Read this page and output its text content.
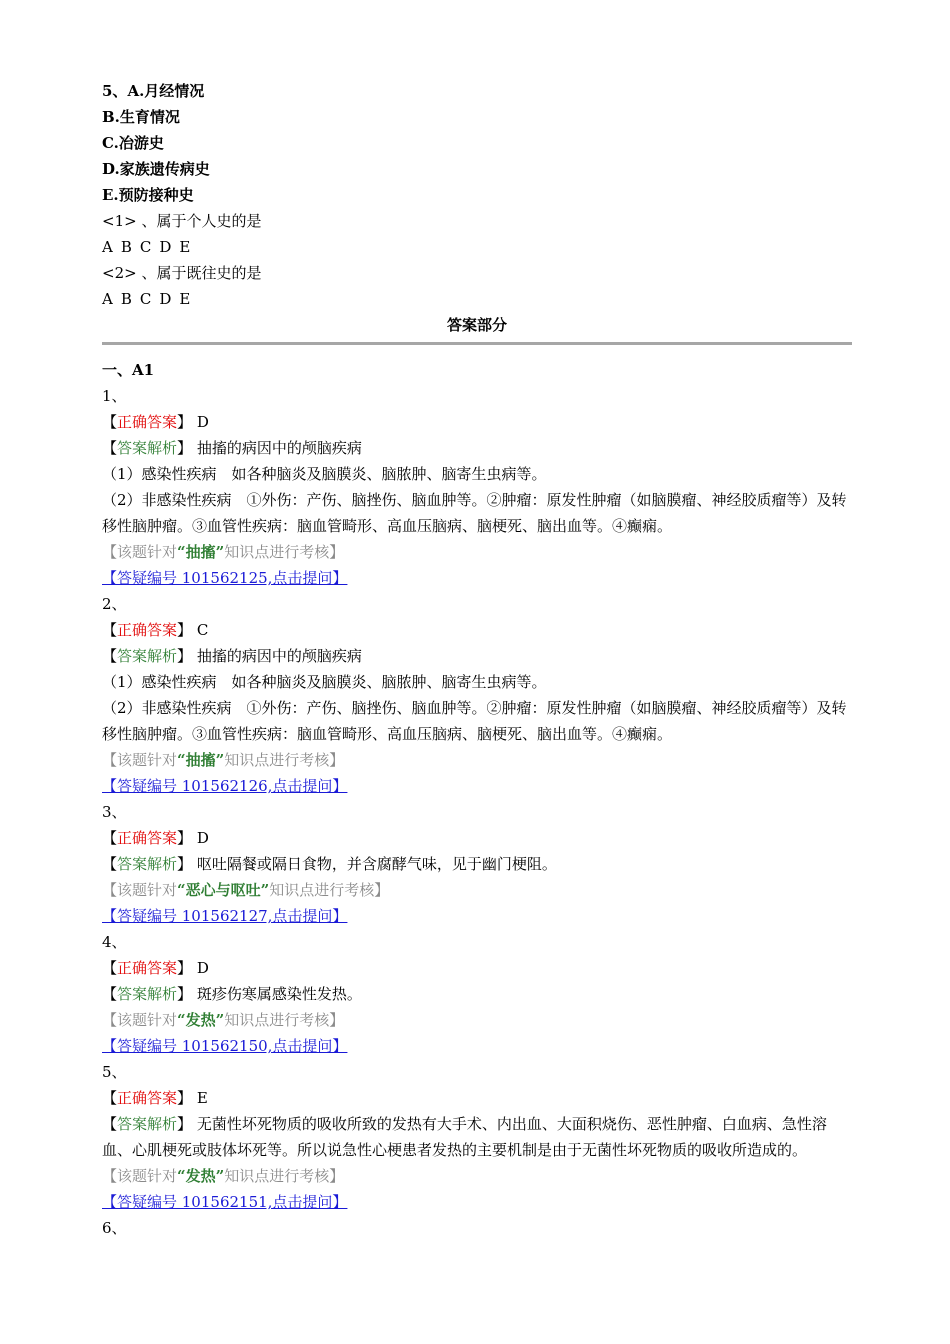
5、A.月经情况
B.生育情况
C.冶游史
D.家族遗传病史
E.预防接种史
<1> 、属于个人史的是
A B C D E
<2> 、属于既往史的是
A B C D E
答案部分
一、A1
1、
【正确答案】 D
【答案解析】 抽搐的病因中的颅脑疾病
（1）感染性疾病　如各种脑炎及脑膜炎、脑脓肿、脑寄生虫病等。
（2）非感染性疾病　①外伤：产伤、脑挫伤、脑血肿等。②肿瘤：原发性肿瘤（如脑膜瘤、神经胶质瘤等）及转移性脑肿瘤。③血管性疾病：脑血管畸形、高血压脑病、脑梗死、脑出血等。④癫痫。
【该题针对“抽搐”知识点进行考核】
【答疑编号 101562125,点击提问】
2、
【正确答案】 C
【答案解析】 抽搐的病因中的颅脑疾病
（1）感染性疾病　如各种脑炎及脑膜炎、脑脓肿、脑寄生虫病等。
（2）非感染性疾病　①外伤：产伤、脑挫伤、脑血肿等。②肿瘤：原发性肿瘤（如脑膜瘤、神经胶质瘤等）及转移性脑肿瘤。③血管性疾病：脑血管畸形、高血压脑病、脑梗死、脑出血等。④癫痫。
【该题针对“抽搐”知识点进行考核】
【答疑编号 101562126,点击提问】
3、
【正确答案】 D
【答案解析】 呕吐隔餐或隔日食物，并含腐酵气味，见于幽门梗阻。
【该题针对“恶心与呕吐”知识点进行考核】
【答疑编号 101562127,点击提问】
4、
【正确答案】 D
【答案解析】 斑疹伤寒属感染性发热。
【该题针对“发热”知识点进行考核】
【答疑编号 101562150,点击提问】
5、
【正确答案】 E
【答案解析】 无菌性坏死物质的吸收所致的发热有大手术、内出血、大面积烧伤、恶性肿瘤、白血病、急性溶血、心肌梗死或肢体坏死等。所以说急性心梗患者发热的主要机制是由于无菌性坏死物质的吸收所造成的。
【该题针对“发热”知识点进行考核】
【答疑编号 101562151,点击提问】
6、
